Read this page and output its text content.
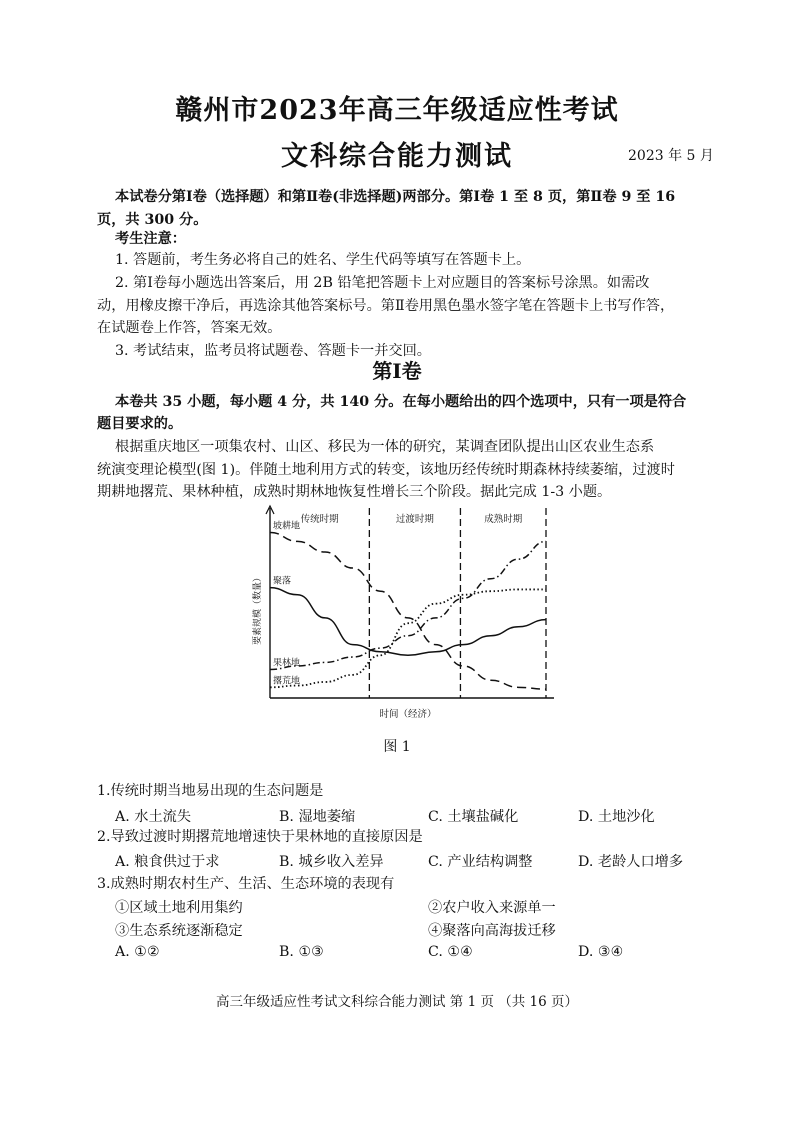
赣州市2023年高三年级适应性考试
文科综合能力测试	2023 年 5 月
本试卷分第Ⅰ卷（选择题）和第Ⅱ卷(非选择题)两部分。第Ⅰ卷 1 至 8 页，第Ⅱ卷 9 至 16
页，共 300 分。
考生注意：
1. 答题前，考生务必将自己的姓名、学生代码等填写在答题卡上。
2. 第Ⅰ卷每小题选出答案后，用 2B 铅笔把答题卡上对应题目的答案标号涂黑。如需改
动，用橡皮擦干净后，再选涂其他答案标号。第Ⅱ卷用黑色墨水签字笔在答题卡上书写作答，
在试题卷上作答，答案无效。
3. 考试结束，监考员将试题卷、答题卡一并交回。
第Ⅰ卷
本卷共 35 小题，每小题 4 分，共 140 分。在每小题给出的四个选项中，只有一项是符合
题目要求的。
根据重庆地区一项集农村、山区、移民为一体的研究，某调查团队提出山区农业生态系
统演变理论模型(图 1)。伴随土地利用方式的转变，该地历经传统时期森林持续萎缩，过渡时
期耕地撂荒、果林种植，成熟时期林地恢复性增长三个阶段。据此完成 1-3 小题。
传统时期	过渡时期	成熟时期
坡耕地
聚落
果林地
撂荒地
时间（经济）
要素规模（数量）
图 1
1.传统时期当地易出现的生态问题是
A. 水土流失	B. 湿地萎缩	C. 土壤盐碱化	D. 土地沙化
2.导致过渡时期撂荒地增速快于果林地的直接原因是
A. 粮食供过于求	B. 城乡收入差异	C. 产业结构调整	D. 老龄人口增多
3.成熟时期农村生产、生活、生态环境的表现有
①区域土地利用集约	②农户收入来源单一
③生态系统逐渐稳定	④聚落向高海拔迁移
A. ①②	B. ①③	C. ①④	D. ③④
高三年级适应性考试文科综合能力测试 第 1 页 （共 16 页）
